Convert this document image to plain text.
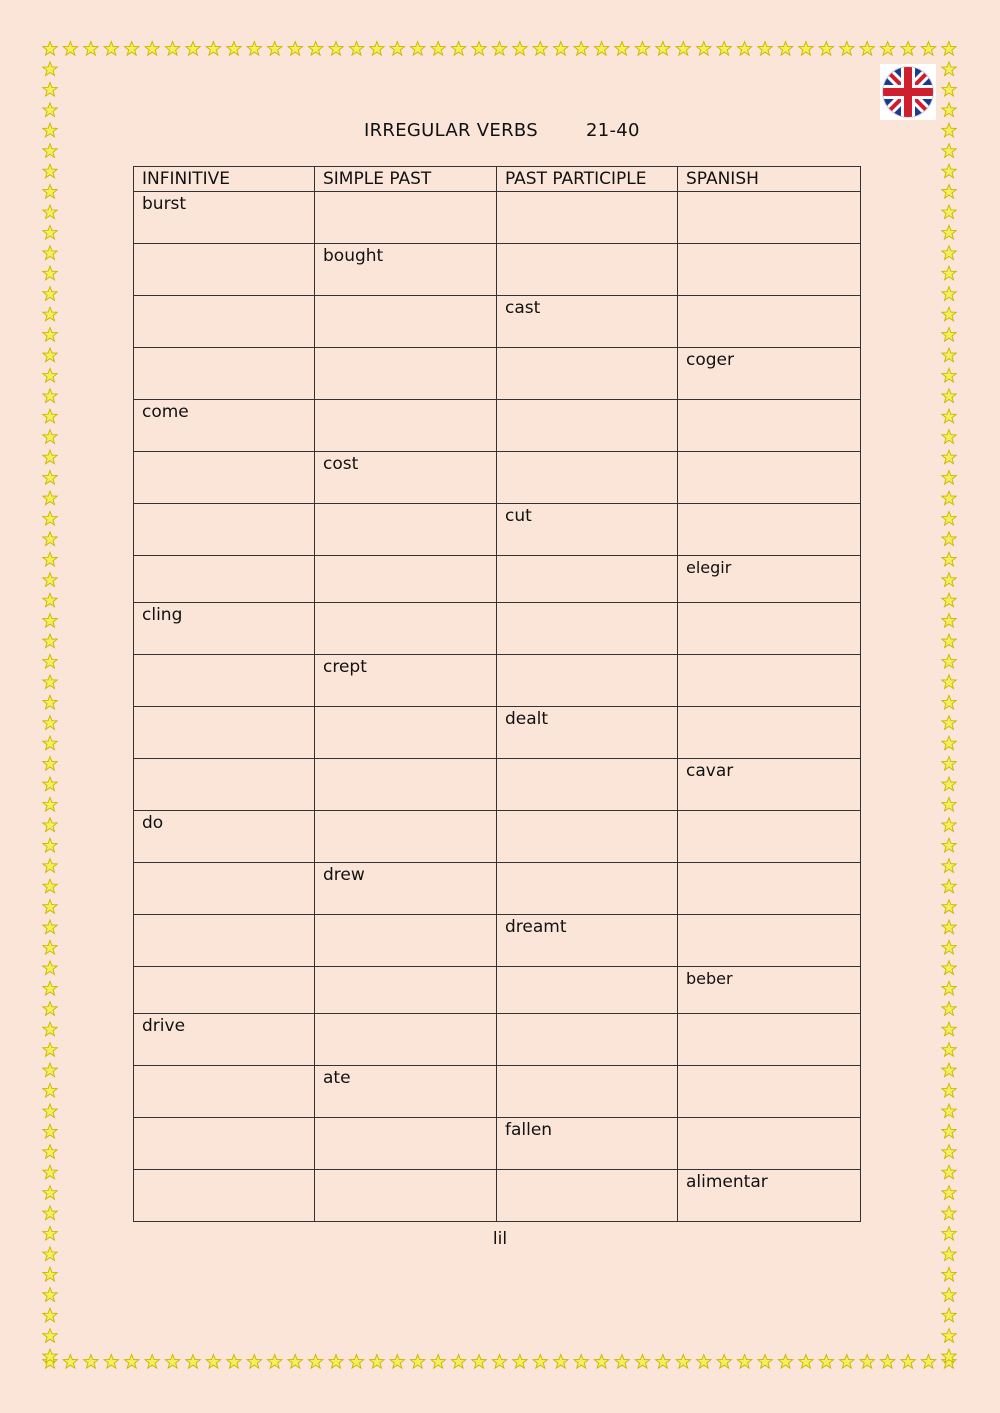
IRREGULAR VERBS	21-40
INFINITIVE	SIMPLE PAST	PAST PARTICIPLE	SPANISH
burst			
	bought		
		cast	
			coger
come			
	cost		
		cut	
			elegir
cling			
	crept		
		dealt	
			cavar
do			
	drew		
		dreamt	
			beber
drive			
	ate		
		fallen	
			alimentar
lil
